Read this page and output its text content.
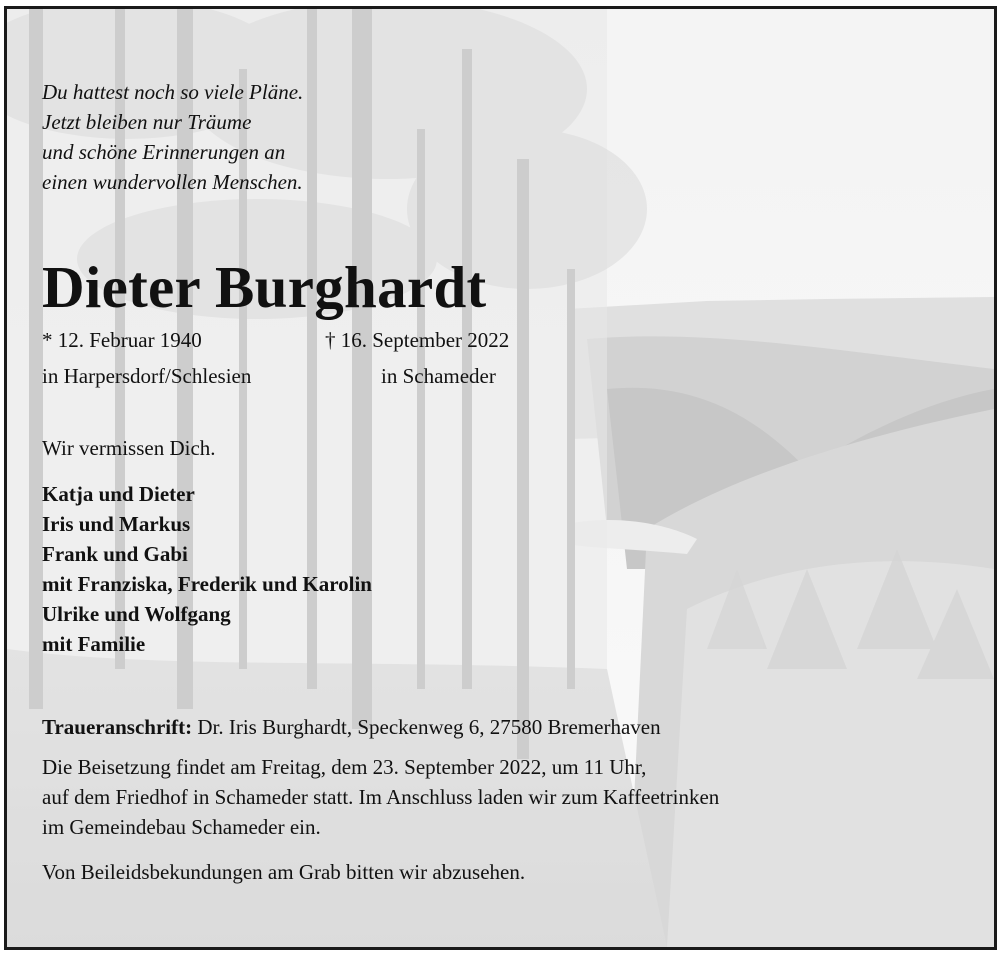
Du hattest noch so viele Pläne.
Jetzt bleiben nur Träume
und schöne Erinnerungen an
einen wundervollen Menschen.
Dieter Burghardt
* 12. Februar 1940
in Harpersdorf/Schlesien
† 16. September 2022
in Schameder

Wir vermissen Dich.

Katja und Dieter
Iris und Markus
Frank und Gabi
mit Franziska, Frederik und Karolin
Ulrike und Wolfgang
mit Familie

Traueranschrift: Dr. Iris Burghardt, Speckenweg 6, 27580 Bremerhaven

Die Beisetzung findet am Freitag, dem 23. September 2022, um 11 Uhr,
auf dem Friedhof in Schameder statt. Im Anschluss laden wir zum Kaffeetrinken
im Gemeindebau Schameder ein.

Von Beileidsbekundungen am Grab bitten wir abzusehen.
